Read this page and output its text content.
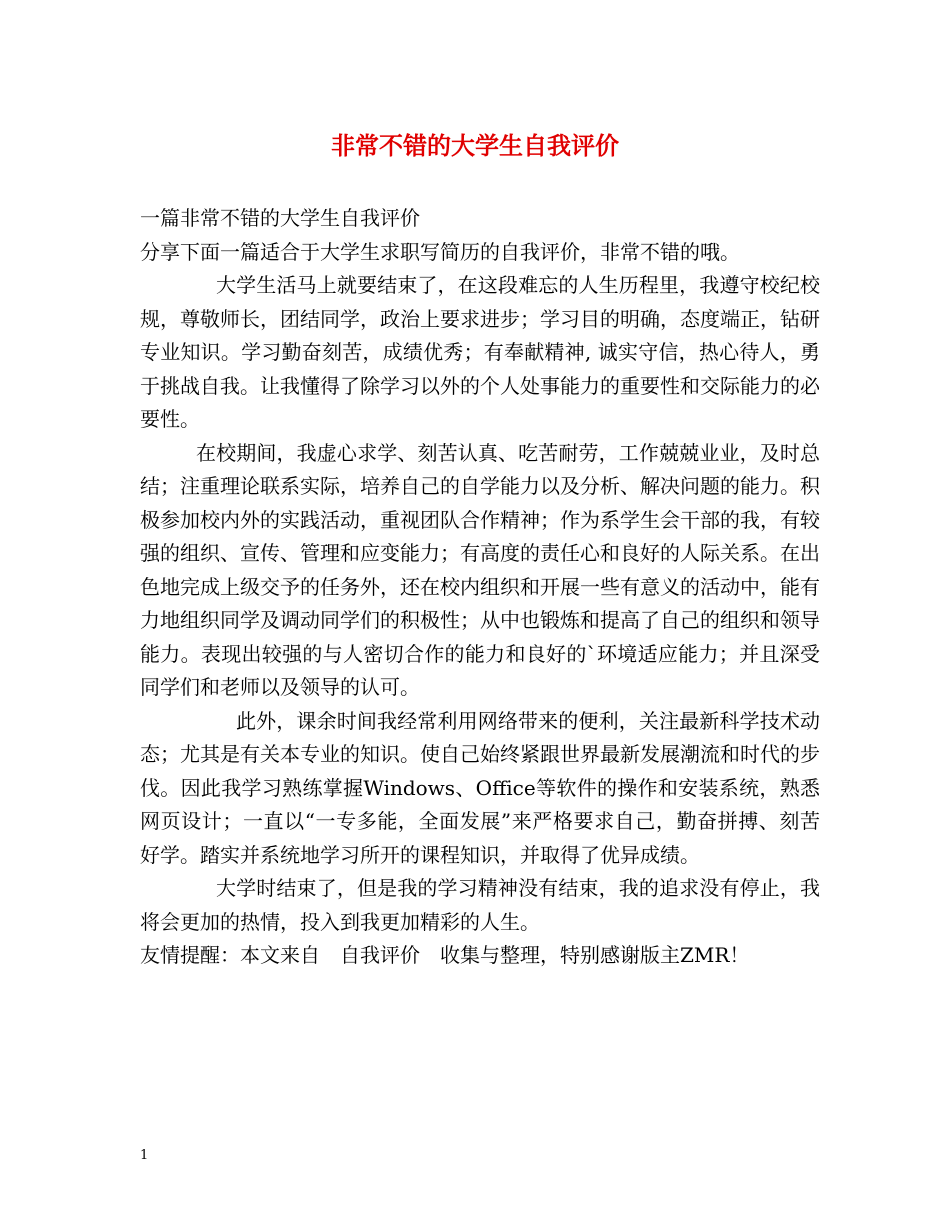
非常不错的大学生自我评价

一篇非常不错的大学生自我评价

分享下面一篇适合于大学生求职写简历的自我评价，非常不错的哦。

大学生活马上就要结束了，在这段难忘的人生历程里，我遵守校纪校规，尊敬师长，团结同学，政治上要求进步；学习目的明确，态度端正，钻研专业知识。学习勤奋刻苦，成绩优秀；有奉献精神, 诚实守信，热心待人，勇于挑战自我。让我懂得了除学习以外的个人处事能力的重要性和交际能力的必要性。

在校期间，我虚心求学、刻苦认真、吃苦耐劳，工作兢兢业业，及时总结；注重理论联系实际，培养自己的自学能力以及分析、解决问题的能力。积极参加校内外的实践活动，重视团队合作精神；作为系学生会干部的我，有较强的组织、宣传、管理和应变能力；有高度的责任心和良好的人际关系。在出色地完成上级交予的任务外，还在校内组织和开展一些有意义的活动中，能有力地组织同学及调动同学们的积极性；从中也锻炼和提高了自己的组织和领导能力。表现出较强的与人密切合作的能力和良好的`环境适应能力；并且深受同学们和老师以及领导的认可。

此外，课余时间我经常利用网络带来的便利，关注最新科学技术动态；尤其是有关本专业的知识。使自己始终紧跟世界最新发展潮流和时代的步伐。因此我学习熟练掌握Windows、Office等软件的操作和安装系统，熟悉网页设计；一直以“一专多能，全面发展”来严格要求自己，勤奋拼搏、刻苦好学。踏实并系统地学习所开的课程知识，并取得了优异成绩。

大学时结束了，但是我的学习精神没有结束，我的追求没有停止，我将会更加的热情，投入到我更加精彩的人生。

友情提醒：本文来自　自我评价　收集与整理，特别感谢版主ZMR！

1
